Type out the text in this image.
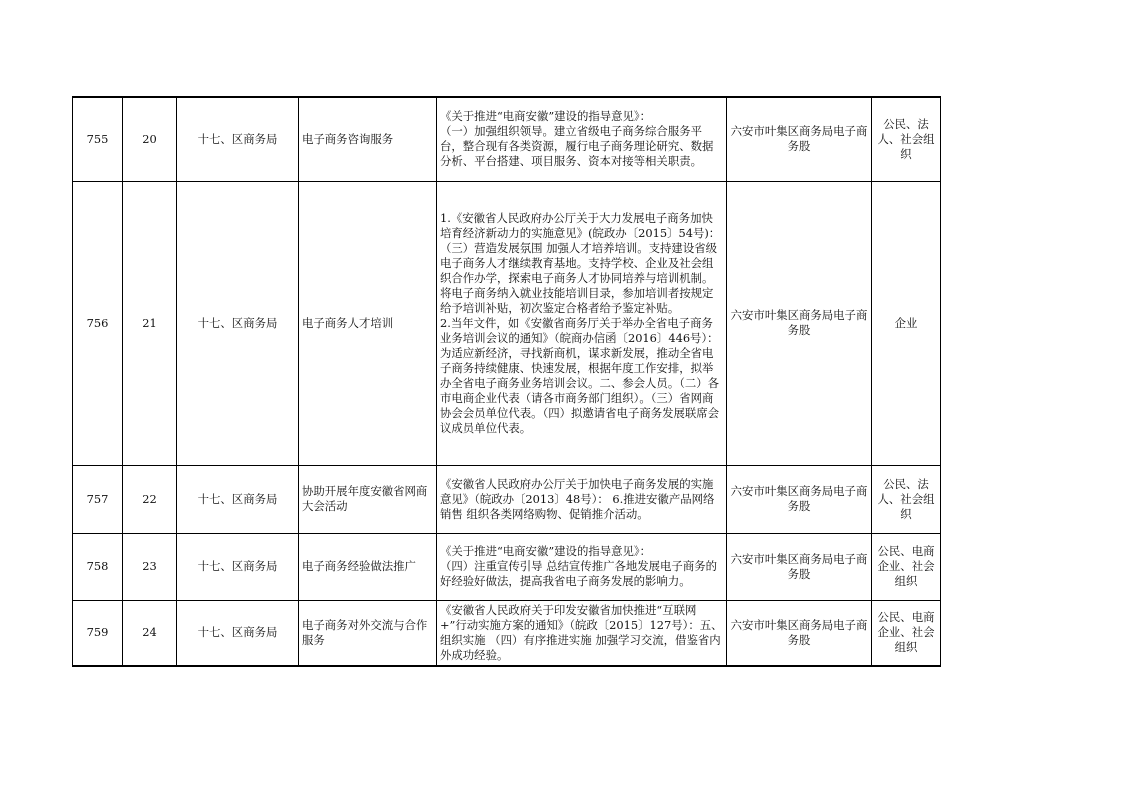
755	20	十七、区商务局	电子商务咨询服务	《关于推进“电商安徽”建设的指导意见》：
（一）加强组织领导。建立省级电子商务综合服务平台，整合现有各类资源，履行电子商务理论研究、数据分析、平台搭建、项目服务、资本对接等相关职责。	六安市叶集区商务局电子商务股	公民、法人、社会组织
756	21	十七、区商务局	电子商务人才培训	1.《安徽省人民政府办公厅关于大力发展电子商务加快培育经济新动力的实施意见》(皖政办〔2015〕54号)：（三）营造发展氛围 加强人才培养培训。支持建设省级电子商务人才继续教育基地。支持学校、企业及社会组织合作办学，探索电子商务人才协同培养与培训机制。将电子商务纳入就业技能培训目录，参加培训者按规定给予培训补贴，初次鉴定合格者给予鉴定补贴。
2.当年文件，如《安徽省商务厅关于举办全省电子商务业务培训会议的通知》（皖商办信函〔2016〕446号）：为适应新经济，寻找新商机，谋求新发展，推动全省电子商务持续健康、快速发展，根据年度工作安排，拟举办全省电子商务业务培训会议。二、参会人员。（二）各市电商企业代表（请各市商务部门组织）。（三）省网商协会会员单位代表。（四）拟邀请省电子商务发展联席会议成员单位代表。	六安市叶集区商务局电子商务股	企业
757	22	十七、区商务局	协助开展年度安徽省网商大会活动	《安徽省人民政府办公厅关于加快电子商务发展的实施意见》（皖政办〔2013〕48号）： 6.推进安徽产品网络销售 组织各类网络购物、促销推介活动。	六安市叶集区商务局电子商务股	公民、法人、社会组织
758	23	十七、区商务局	电子商务经验做法推广	《关于推进“电商安徽”建设的指导意见》：
（四）注重宣传引导 总结宣传推广各地发展电子商务的好经验好做法，提高我省电子商务发展的影响力。	六安市叶集区商务局电子商务股	公民、电商企业、社会组织
759	24	十七、区商务局	电子商务对外交流与合作服务	《安徽省人民政府关于印发安徽省加快推进“互联网+”行动实施方案的通知》（皖政〔2015〕127号）：五、组织实施 （四）有序推进实施 加强学习交流，借鉴省内外成功经验。	六安市叶集区商务局电子商务股	公民、电商企业、社会组织
